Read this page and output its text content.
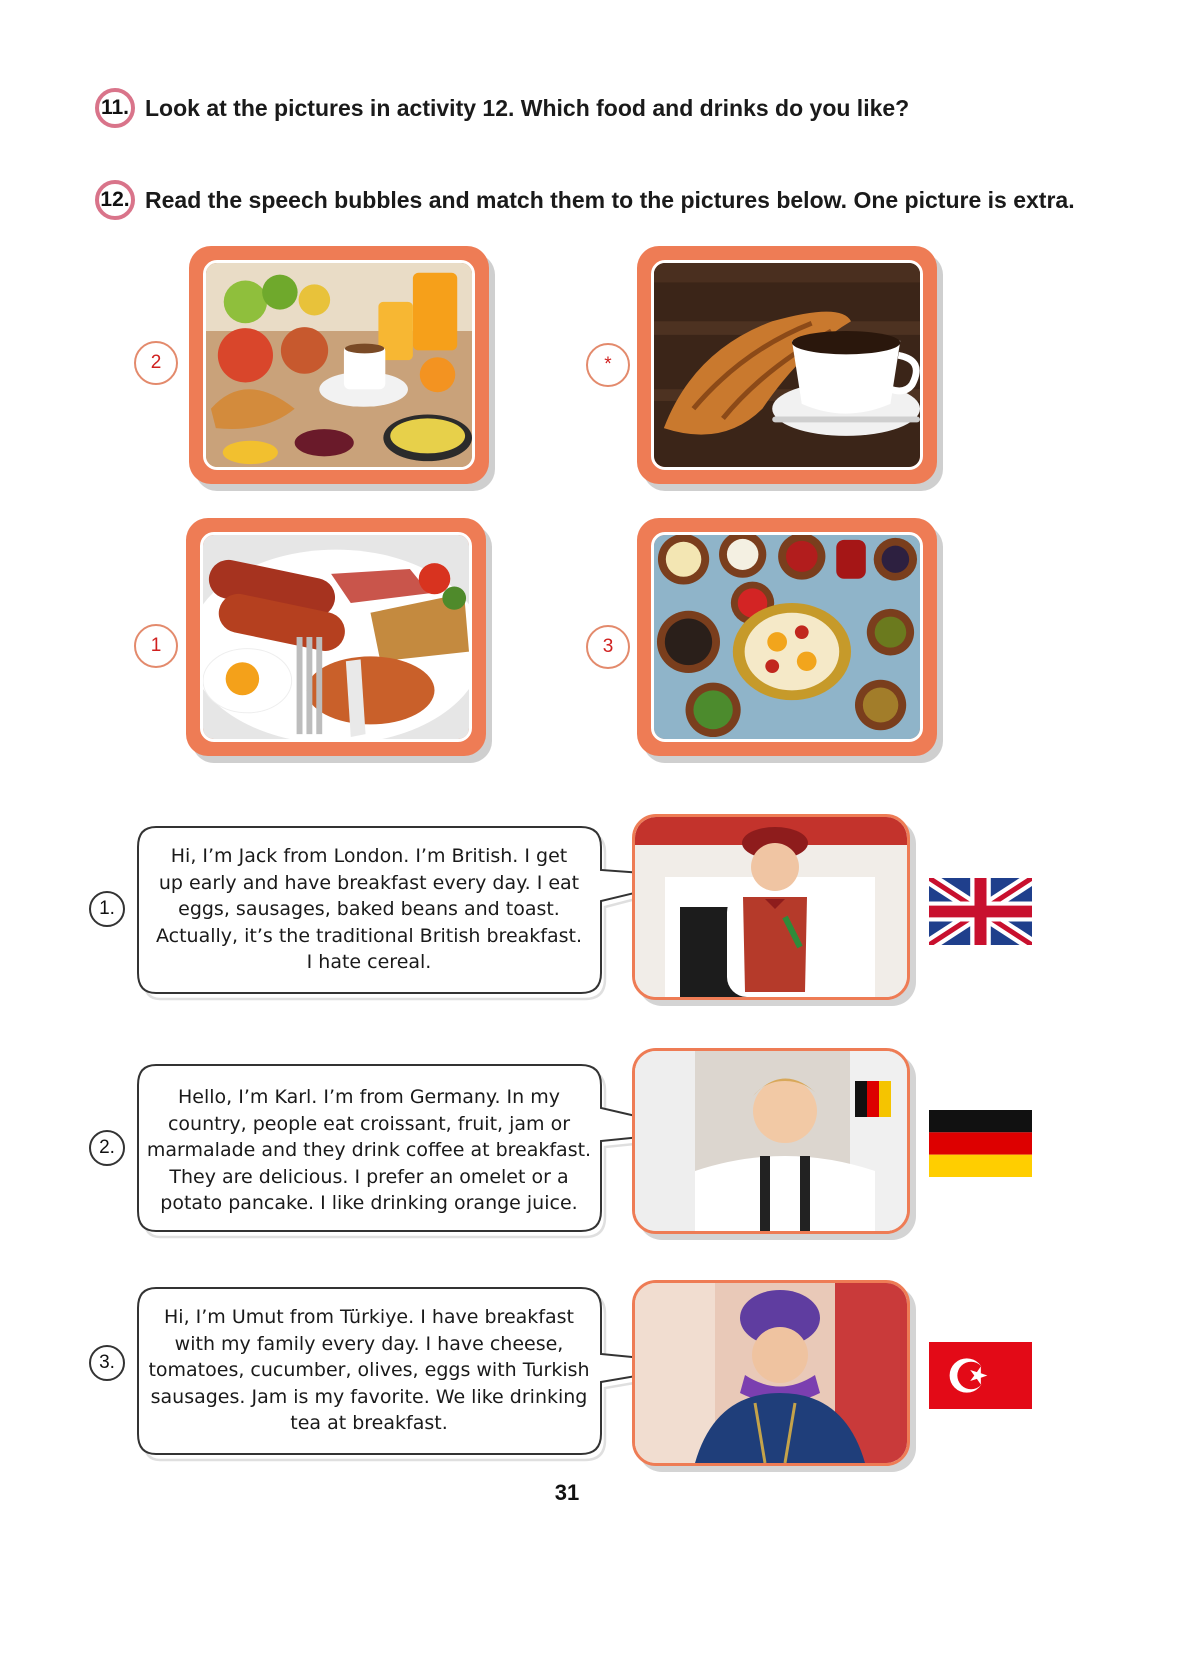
11. Look at the pictures in activity 12. Which food and drinks do you like?
12. Read the speech bubbles and match them to the pictures below. One picture is extra.
2	*
1	3
1.
Hi, I’m Jack from London. I’m British. I get
up early and have breakfast every day. I eat
eggs, sausages, baked beans and toast.
Actually, it’s the traditional British breakfast.
I hate cereal.
2.
Hello, I’m Karl. I’m from Germany. In my
country, people eat croissant, fruit, jam or
marmalade and they drink coffee at breakfast.
They are delicious. I prefer an omelet or a
potato pancake. I like drinking orange juice.
3.
Hi, I’m Umut from Türkiye. I have breakfast
with my family every day. I have cheese,
tomatoes, cucumber, olives, eggs with Turkish
sausages. Jam is my favorite. We like drinking
tea at breakfast.
31
